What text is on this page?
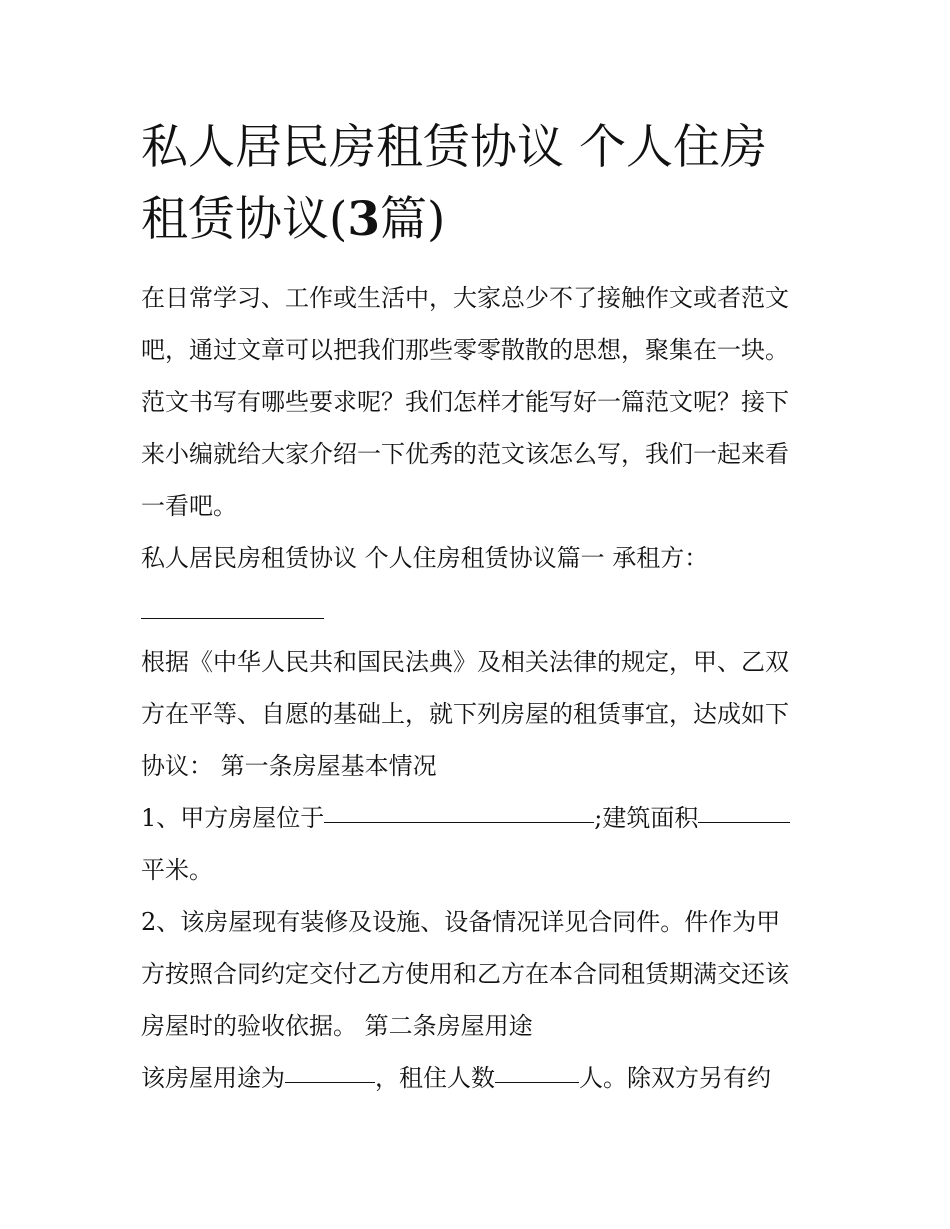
私人居民房租赁协议 个人住房
租赁协议(3篇)
在日常学习、工作或生活中，大家总少不了接触作文或者范文
吧，通过文章可以把我们那些零零散散的思想，聚集在一块。
范文书写有哪些要求呢？我们怎样才能写好一篇范文呢？接下
来小编就给大家介绍一下优秀的范文该怎么写，我们一起来看
一看吧。
私人居民房租赁协议 个人住房租赁协议篇一 承租方：
根据《中华人民共和国民法典》及相关法律的规定，甲、乙双
方在平等、自愿的基础上，就下列房屋的租赁事宜，达成如下
协议： 第一条房屋基本情况
1、甲方房屋位于	;建筑面积
平米。
2、该房屋现有装修及设施、设备情况详见合同件。件作为甲
方按照合同约定交付乙方使用和乙方在本合同租赁期满交还该
房屋时的验收依据。 第二条房屋用途
该房屋用途为	，租住人数	人。除双方另有约
